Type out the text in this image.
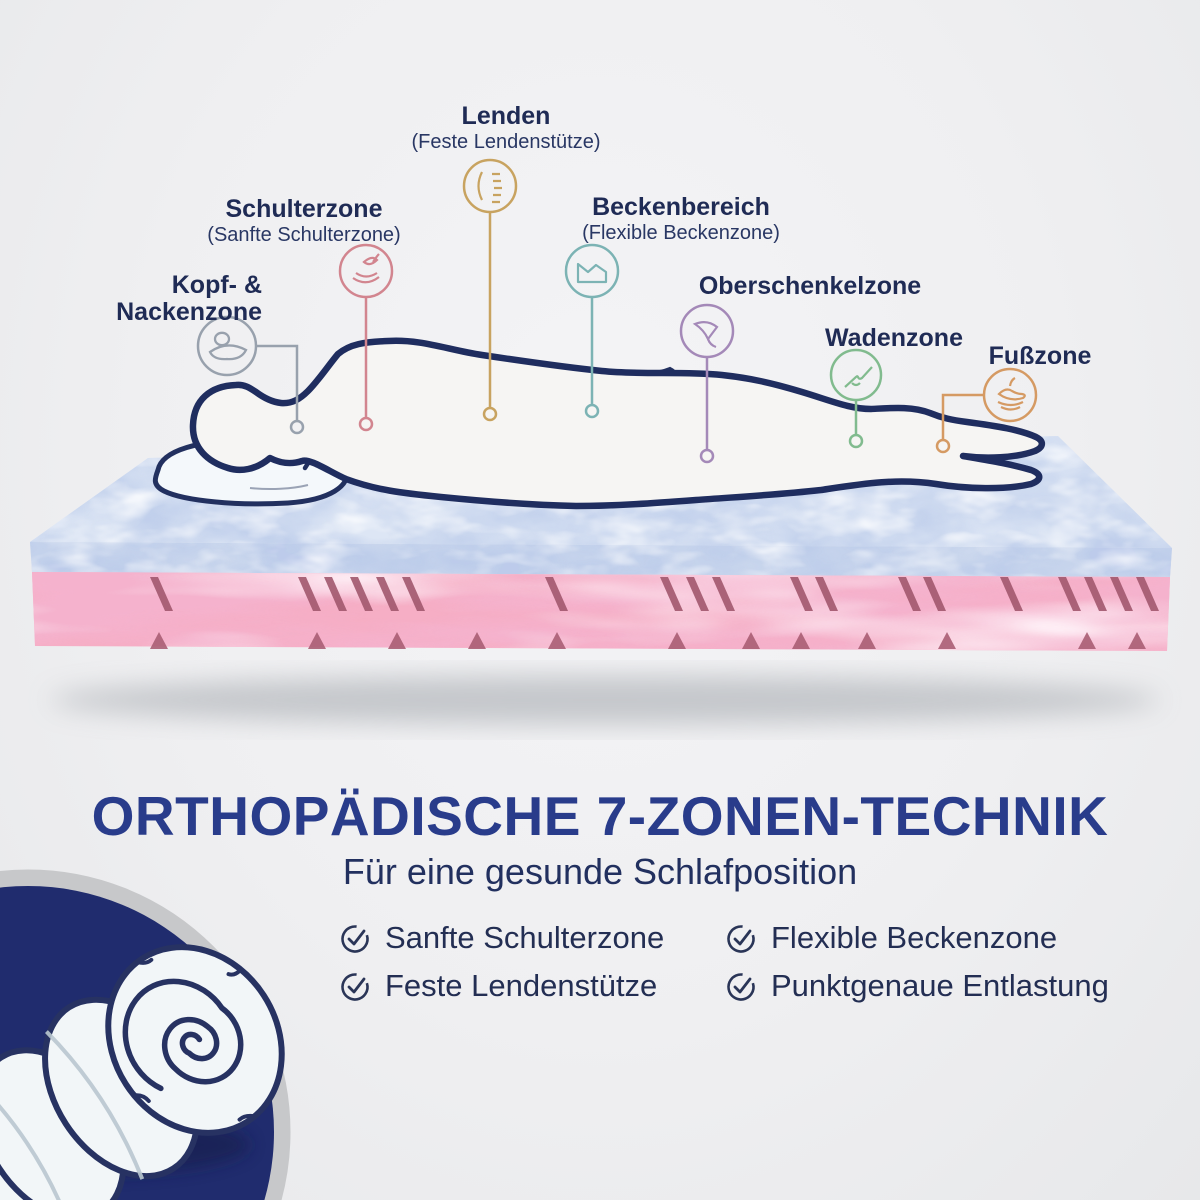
Kopf- &
Nackenzone
Schulterzone
(Sanfte Schulterzone)
Lenden
(Feste Lendenstütze)
Beckenbereich
(Flexible Beckenzone)
Oberschenkelzone
Wadenzone
Fußzone
ORTHOPÄDISCHE 7-ZONEN-TECHNIK
Für eine gesunde Schlafposition
Sanfte Schulterzone
Feste Lendenstütze
Flexible Beckenzone
Punktgenaue Entlastung
